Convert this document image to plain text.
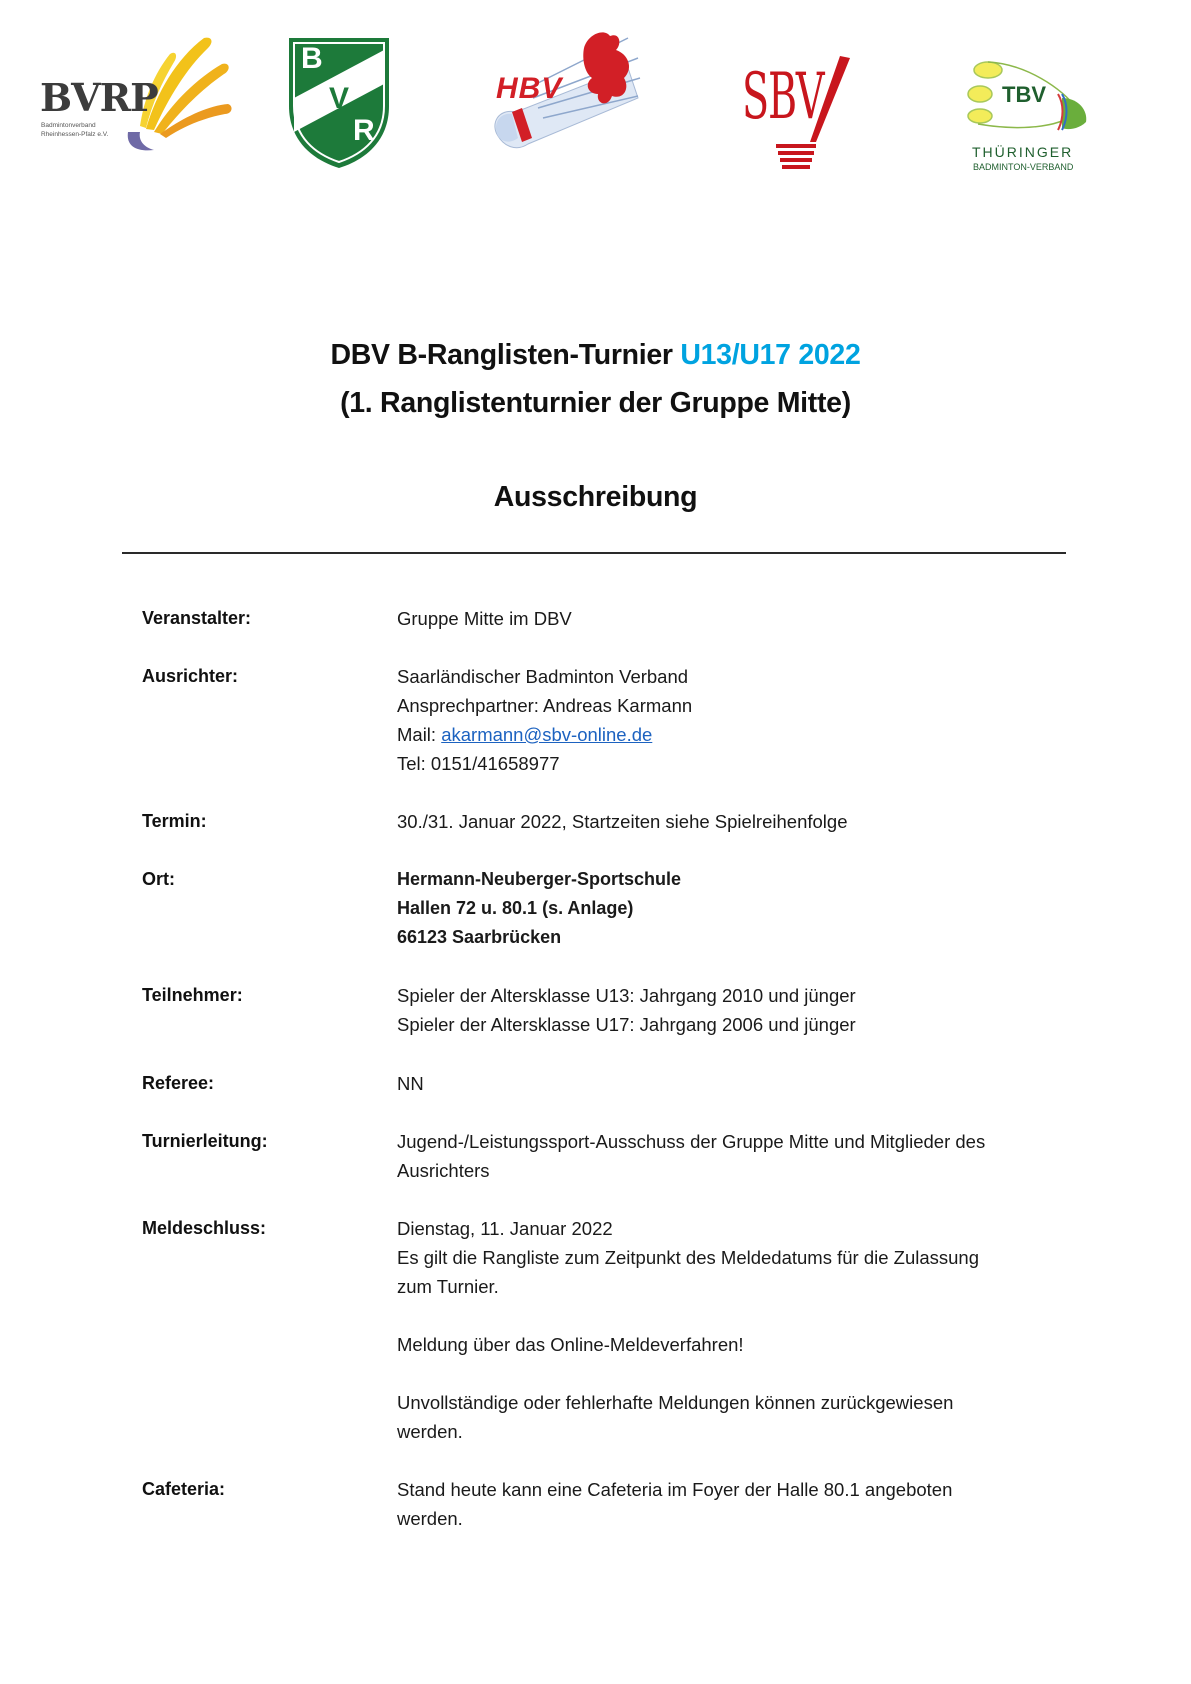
BVRP
Badmintonverband
Rheinhessen-Pfalz e.V.
B
V
R
HBV	SBV	TBV
THÜRINGER
BADMINTON-VERBAND
DBV B-Ranglisten-Turnier U13/U17 2022
(1. Ranglistenturnier der Gruppe Mitte)
Ausschreibung
Veranstalter:	Gruppe Mitte im DBV
Ausrichter:	Saarländischer Badminton Verband
Ansprechpartner: Andreas Karmann
Mail: akarmann@sbv-online.de
Tel: 0151/41658977
Termin:	30./31. Januar 2022, Startzeiten siehe Spielreihenfolge
Ort:	Hermann-Neuberger-Sportschule
Hallen 72 u. 80.1 (s. Anlage)
66123 Saarbrücken
Teilnehmer:	Spieler der Altersklasse U13: Jahrgang 2010 und jünger
Spieler der Altersklasse U17: Jahrgang 2006 und jünger
Referee:	NN
Turnierleitung:	Jugend-/Leistungssport-Ausschuss der Gruppe Mitte und Mitglieder des
Ausrichters
Meldeschluss:	Dienstag, 11. Januar 2022
Es gilt die Rangliste zum Zeitpunkt des Meldedatums für die Zulassung
zum Turnier.
Meldung über das Online-Meldeverfahren!
Unvollständige oder fehlerhafte Meldungen können zurückgewiesen
werden.
Cafeteria:	Stand heute kann eine Cafeteria im Foyer der Halle 80.1 angeboten
werden.
